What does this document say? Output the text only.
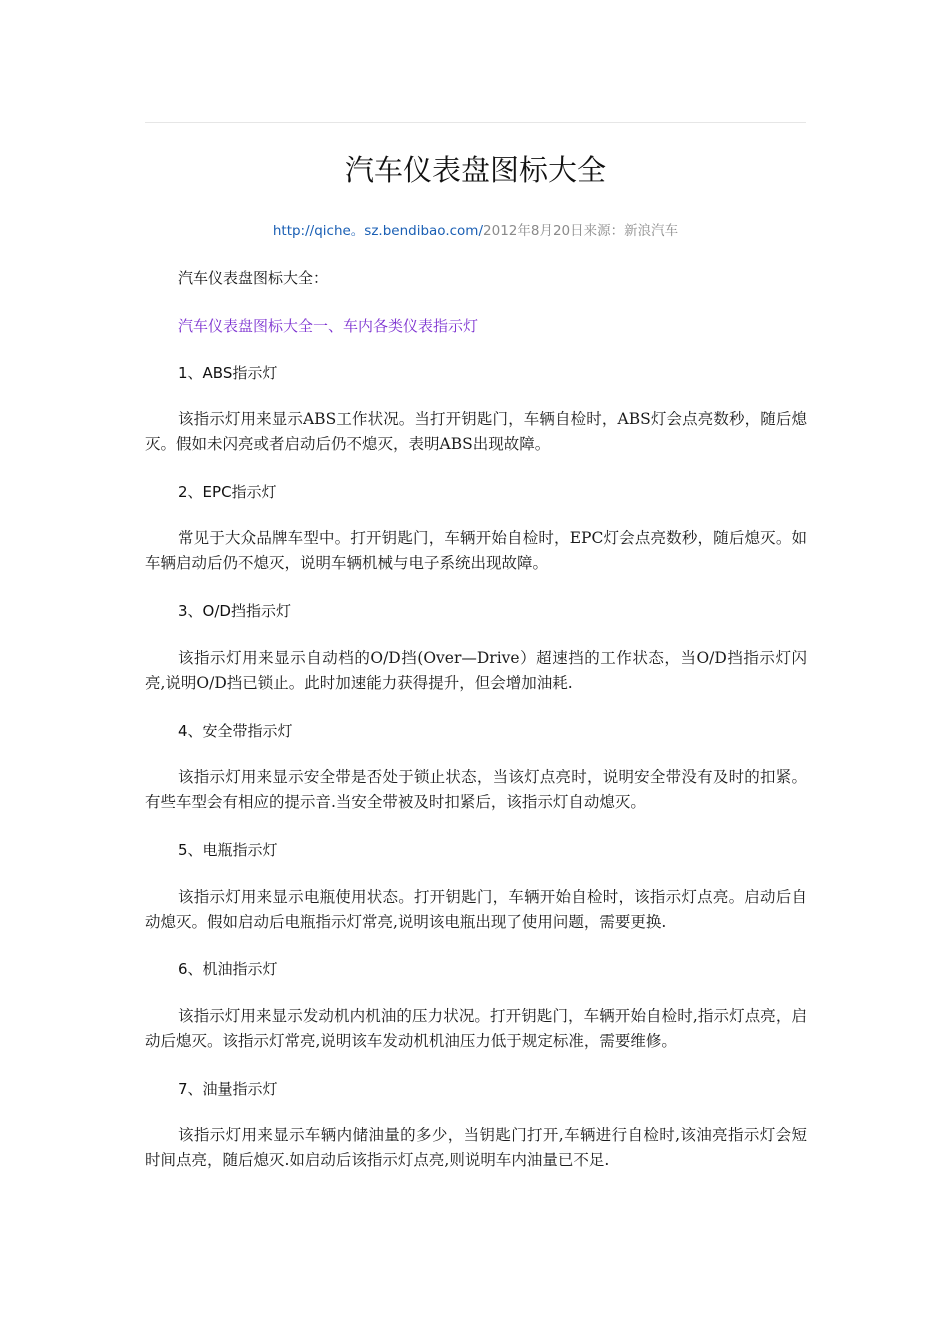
汽车仪表盘图标大全
http://qiche。sz.bendibao.com/2012年8月20日来源：新浪汽车
汽车仪表盘图标大全：
汽车仪表盘图标大全一、车内各类仪表指示灯
1、ABS指示灯
该指示灯用来显示ABS工作状况。当打开钥匙门，车辆自检时，ABS灯会点亮数秒，随后熄灭。假如未闪亮或者启动后仍不熄灭，表明ABS出现故障。
2、EPC指示灯
常见于大众品牌车型中。打开钥匙门，车辆开始自检时，EPC灯会点亮数秒，随后熄灭。如车辆启动后仍不熄灭，说明车辆机械与电子系统出现故障。
3、O/D挡指示灯
该指示灯用来显示自动档的O/D挡(Over—Drive）超速挡的工作状态，当O/D挡指示灯闪亮,说明O/D挡已锁止。此时加速能力获得提升，但会增加油耗.
4、安全带指示灯
该指示灯用来显示安全带是否处于锁止状态，当该灯点亮时，说明安全带没有及时的扣紧。有些车型会有相应的提示音.当安全带被及时扣紧后，该指示灯自动熄灭。
5、电瓶指示灯
该指示灯用来显示电瓶使用状态。打开钥匙门，车辆开始自检时，该指示灯点亮。启动后自动熄灭。假如启动后电瓶指示灯常亮,说明该电瓶出现了使用问题，需要更换.
6、机油指示灯
该指示灯用来显示发动机内机油的压力状况。打开钥匙门，车辆开始自检时,指示灯点亮，启动后熄灭。该指示灯常亮,说明该车发动机机油压力低于规定标准，需要维修。
7、油量指示灯
该指示灯用来显示车辆内储油量的多少，当钥匙门打开,车辆进行自检时,该油亮指示灯会短时间点亮，随后熄灭.如启动后该指示灯点亮,则说明车内油量已不足.
